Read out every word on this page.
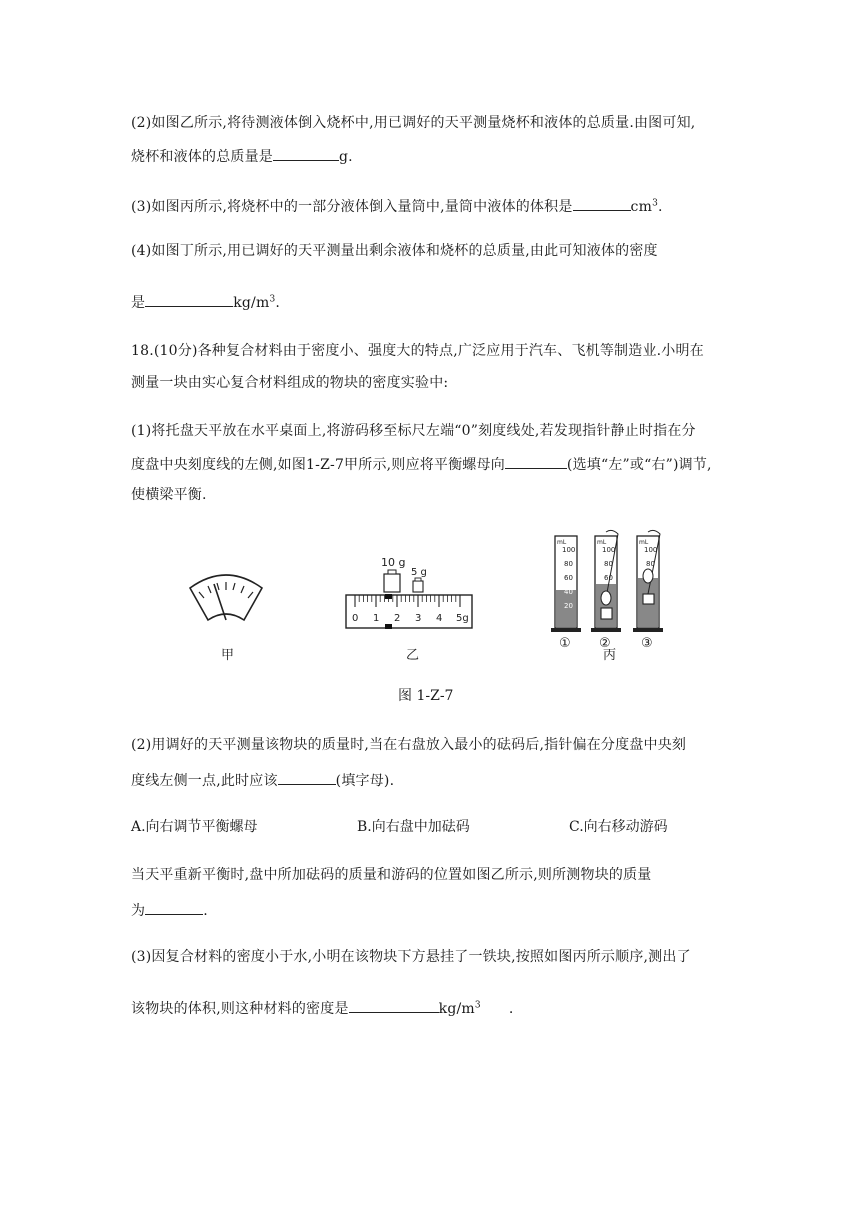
(2)如图乙所示,将待测液体倒入烧杯中,用已调好的天平测量烧杯和液体的总质量.由图可知,
烧杯和液体的总质量是	g.
(3)如图丙所示,将烧杯中的一部分液体倒入量筒中,量筒中液体的体积是	$cm^3$.
(4)如图丁所示,用已调好的天平测量出剩余液体和烧杯的总质量,由此可知液体的密度
是	$kg/m^3$.
18.(10分)各种复合材料由于密度小、强度大的特点,广泛应用于汽车、飞机等制造业.小明在
测量一块由实心复合材料组成的物块的密度实验中:
(1)将托盘天平放在水平桌面上,将游码移至标尺左端“0”刻度线处,若发现指针静止时指在分
度盘中央刻度线的左侧,如图1-Z-7甲所示,则应将平衡螺母向	(选填“左”或“右”)调节,
使横梁平衡.
10 g
5 g
0 1 2 3 4 5g
mL
100
80
60
40
20
mL
100
80
60
mL
100
80
① ② ③
甲	乙	丙
图 1-Z-7
(2)用调好的天平测量该物块的质量时,当在右盘放入最小的砝码后,指针偏在分度盘中央刻
度线左侧一点,此时应该	(填字母).
A.向右调节平衡螺母	B.向右盘中加砝码	C.向右移动游码
当天平重新平衡时,盘中所加砝码的质量和游码的位置如图乙所示,则所测物块的质量
为	.
(3)因复合材料的密度小于水,小明在该物块下方悬挂了一铁块,按照如图丙所示顺序,测出了
该物块的体积,则这种材料的密度是	$kg/m^3$ .
